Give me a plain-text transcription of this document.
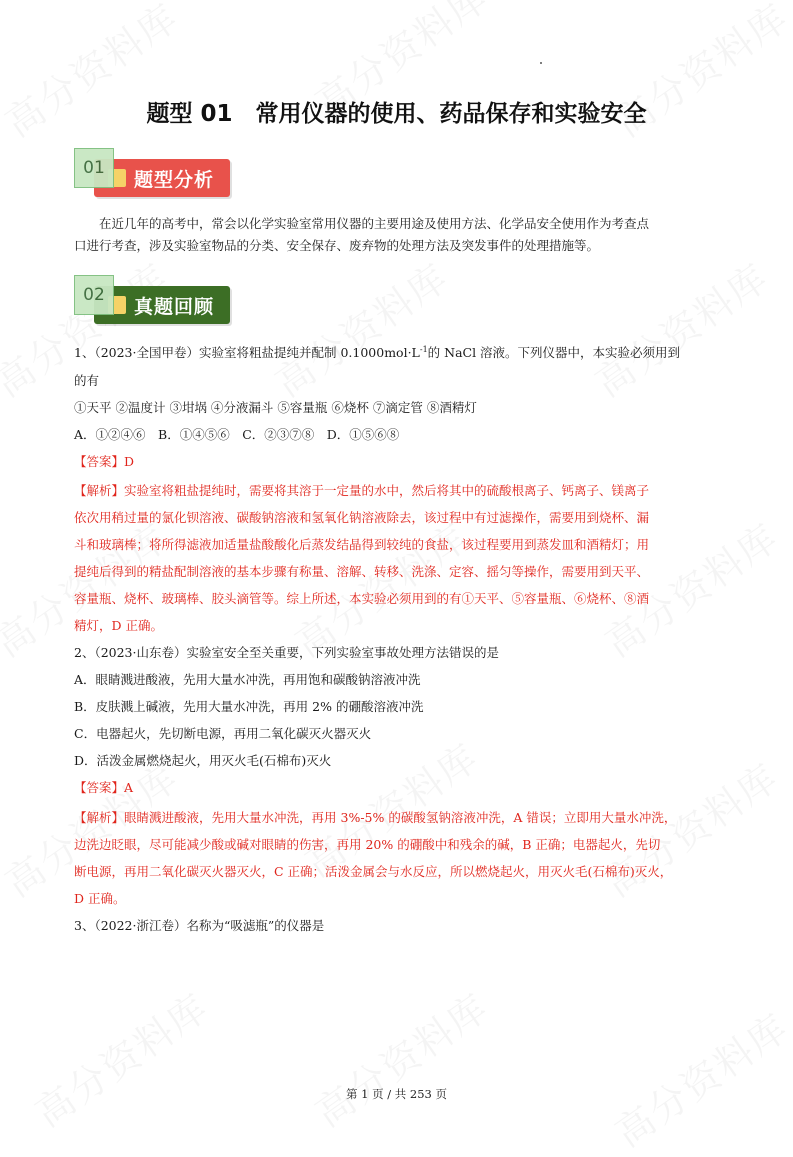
题型 01　常用仪器的使用、药品保存和实验安全
01
题型分析
　　在近几年的高考中，常会以化学实验室常用仪器的主要用途及使用方法、化学品安全使用作为考查点
口进行考查，涉及实验室物品的分类、安全保存、废弃物的处理方法及突发事件的处理措施等。
02
真题回顾
1、（2023·全国甲卷）实验室将粗盐提纯并配制 $0.1000mol\cdot L^{-1}$的 NaCl 溶液。下列仪器中，本实验必须用到
的有
①天平 ②温度计 ③坩埚 ④分液漏斗 ⑤容量瓶 ⑥烧杯 ⑦滴定管 ⑧酒精灯
A．①②④⑥　B．①④⑤⑥　C．②③⑦⑧　D．①⑤⑥⑧
【答案】D
【解析】实验室将粗盐提纯时，需要将其溶于一定量的水中，然后将其中的硫酸根离子、钙离子、镁离子
依次用稍过量的氯化钡溶液、碳酸钠溶液和氢氧化钠溶液除去，该过程中有过滤操作，需要用到烧杯、漏
斗和玻璃棒；将所得滤液加适量盐酸酸化后蒸发结晶得到较纯的食盐，该过程要用到蒸发皿和酒精灯；用
提纯后得到的精盐配制溶液的基本步骤有称量、溶解、转移、洗涤、定容、摇匀等操作，需要用到天平、
容量瓶、烧杯、玻璃棒、胶头滴管等。综上所述，本实验必须用到的有①天平、⑤容量瓶、⑥烧杯、⑧酒
精灯，D 正确。
2、（2023·山东卷）实验室安全至关重要，下列实验室事故处理方法错误的是
A．眼睛溅进酸液，先用大量水冲洗，再用饱和碳酸钠溶液冲洗
B．皮肤溅上碱液，先用大量水冲洗，再用 2% 的硼酸溶液冲洗
C．电器起火，先切断电源，再用二氧化碳灭火器灭火
D．活泼金属燃烧起火，用灭火毛(石棉布)灭火
【答案】A
【解析】眼睛溅进酸液，先用大量水冲洗，再用 3%-5% 的碳酸氢钠溶液冲洗，A 错误；立即用大量水冲洗，
边洗边眨眼，尽可能减少酸或碱对眼睛的伤害，再用 20% 的硼酸中和残余的碱，B 正确；电器起火，先切
断电源，再用二氧化碳灭火器灭火，C 正确；活泼金属会与水反应，所以燃烧起火，用灭火毛(石棉布)灭火，
D 正确。
3、（2022·浙江卷）名称为“吸滤瓶”的仪器是
第 1 页 / 共 253 页
